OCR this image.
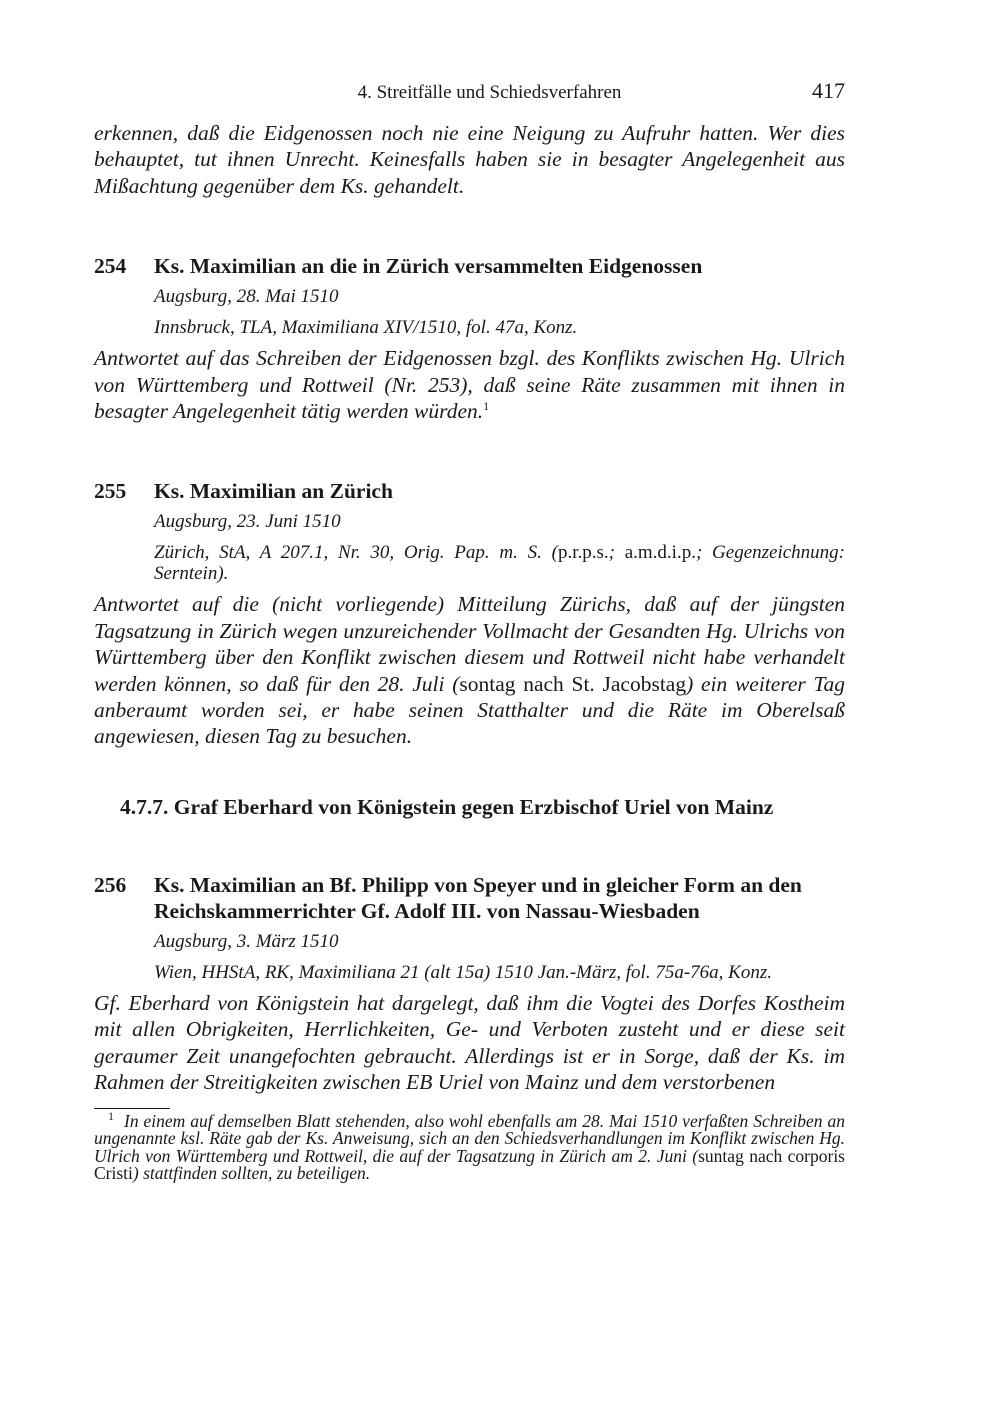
4. Streitfälle und Schiedsverfahren	417

erkennen, daß die Eidgenossen noch nie eine Neigung zu Aufruhr hatten. Wer dies behauptet, tut ihnen Unrecht. Keinesfalls haben sie in besagter Angelegenheit aus Mißachtung gegenüber dem Ks. gehandelt.

254	Ks. Maximilian an die in Zürich versammelten Eidgenossen

Augsburg, 28. Mai 1510

Innsbruck, TLA, Maximiliana XIV/1510, fol. 47a, Konz.

Antwortet auf das Schreiben der Eidgenossen bzgl. des Konflikts zwischen Hg. Ulrich von Württemberg und Rottweil (Nr. 253), daß seine Räte zusammen mit ihnen in besagter Angelegenheit tätig werden würden.$^1$

255	Ks. Maximilian an Zürich

Augsburg, 23. Juni 1510

Zürich, StA, A 207.1, Nr. 30, Orig. Pap. m. S. (p.r.p.s.; a.m.d.i.p.; Gegenzeichnung: Serntein).

Antwortet auf die (nicht vorliegende) Mitteilung Zürichs, daß auf der jüngsten Tagsatzung in Zürich wegen unzureichender Vollmacht der Gesandten Hg. Ulrichs von Württemberg über den Konflikt zwischen diesem und Rottweil nicht habe verhandelt werden können, so daß für den 28. Juli (sontag nach St. Jacobstag) ein weiterer Tag anberaumt worden sei, er habe seinen Statthalter und die Räte im Oberelsaß angewiesen, diesen Tag zu besuchen.

4.7.7. Graf Eberhard von Königstein gegen Erzbischof Uriel von Mainz
256	Ks. Maximilian an Bf. Philipp von Speyer und in gleicher Form an den Reichskammerrichter Gf. Adolf III. von Nassau-Wiesbaden

Augsburg, 3. März 1510

Wien, HHStA, RK, Maximiliana 21 (alt 15a) 1510 Jan.-März, fol. 75a-76a, Konz.

Gf. Eberhard von Königstein hat dargelegt, daß ihm die Vogtei des Dorfes Kostheim mit allen Obrigkeiten, Herrlichkeiten, Ge- und Verboten zusteht und er diese seit geraumer Zeit unangefochten gebraucht. Allerdings ist er in Sorge, daß der Ks. im Rahmen der Streitigkeiten zwischen EB Uriel von Mainz und dem verstorbenen

$^1$ In einem auf demselben Blatt stehenden, also wohl ebenfalls am 28. Mai 1510 verfaßten Schreiben an ungenannte ksl. Räte gab der Ks. Anweisung, sich an den Schiedsverhandlungen im Konflikt zwischen Hg. Ulrich von Württemberg und Rottweil, die auf der Tagsatzung in Zürich am 2. Juni (suntag nach corporis Cristi) stattfinden sollten, zu beteiligen.
